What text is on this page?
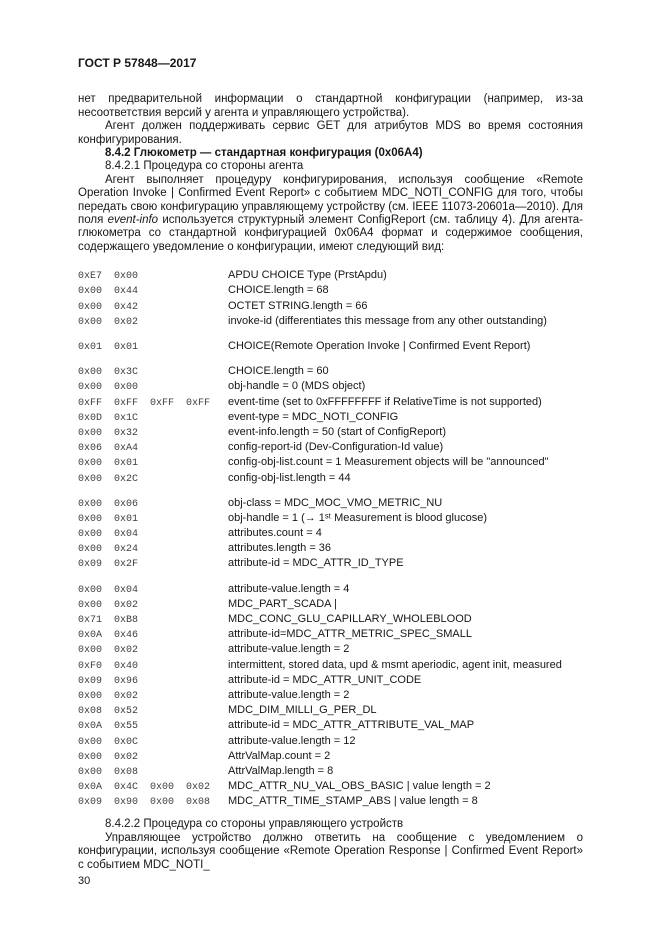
ГОСТ Р 57848—2017

нет предварительной информации о стандартной конфигурации (например, из-за несоответствия версий у агента и управляющего устройства).

Агент должен поддерживать сервис GET для атрибутов MDS во время состояния конфигурирования.

8.4.2 Глюкометр — стандартная конфигурация (0x06A4)

8.4.2.1 Процедура со стороны агента

Агент выполняет процедуру конфигурирования, используя сообщение «Remote Operation Invoke | Confirmed Event Report» с событием MDC_NOTI_CONFIG для того, чтобы передать свою конфигурацию управляющему устройству (см. IEEE 11073-20601a—2010). Для поля event-info используется структурный элемент ConfigReport (см. таблицу 4). Для агента-глюкометра со стандартной конфигурацией 0x06A4 формат и содержимое сообщения, содержащего уведомление о конфигурации, имеют следующий вид:

0xE7  0x00	APDU CHOICE Type (PrstApdu)
0x00  0x44	CHOICE.length = 68
0x00  0x42	OCTET STRING.length = 66
0x00  0x02	invoke-id (differentiates this message from any other outstanding)
0x01  0x01	CHOICE(Remote Operation Invoke | Confirmed Event Report)
0x00  0x3C	CHOICE.length = 60
0x00  0x00	obj-handle = 0 (MDS object)
0xFF  0xFF  0xFF  0xFF	event-time (set to 0xFFFFFFFF if RelativeTime is not supported)
0x0D  0x1C	event-type = MDC_NOTI_CONFIG
0x00  0x32	event-info.length = 50 (start of ConfigReport)
0x06  0xA4	config-report-id (Dev-Configuration-Id value)
0x00  0x01	config-obj-list.count = 1 Measurement objects will be "announced"
0x00  0x2C	config-obj-list.length = 44
0x00  0x06	obj-class = MDC_MOC_VMO_METRIC_NU
0x00  0x01	obj-handle = 1 (→ 1ˢᵗ Measurement is blood glucose)
0x00  0x04	attributes.count = 4
0x00  0x24	attributes.length = 36
0x09  0x2F	attribute-id = MDC_ATTR_ID_TYPE
0x00  0x04	attribute-value.length = 4
0x00  0x02	MDC_PART_SCADA |
0x71  0xB8	MDC_CONC_GLU_CAPILLARY_WHOLEBLOOD
0x0A  0x46	attribute-id=MDC_ATTR_METRIC_SPEC_SMALL
0x00  0x02	attribute-value.length = 2
0xF0  0x40	intermittent, stored data, upd & msmt aperiodic, agent init, measured
0x09  0x96	attribute-id = MDC_ATTR_UNIT_CODE
0x00  0x02	attribute-value.length = 2
0x08  0x52	MDC_DIM_MILLI_G_PER_DL
0x0A  0x55	attribute-id = MDC_ATTR_ATTRIBUTE_VAL_MAP
0x00  0x0C	attribute-value.length = 12
0x00  0x02	AttrValMap.count = 2
0x00  0x08	AttrValMap.length = 8
0x0A  0x4C  0x00  0x02	MDC_ATTR_NU_VAL_OBS_BASIC | value length = 2
0x09  0x90  0x00  0x08	MDC_ATTR_TIME_STAMP_ABS | value length = 8

8.4.2.2 Процедура со стороны управляющего устройств

Управляющее устройство должно ответить на сообщение с уведомлением о конфигурации, используя сообщение «Remote Operation Response | Confirmed Event Report» с событием MDC_NOTI_

30
